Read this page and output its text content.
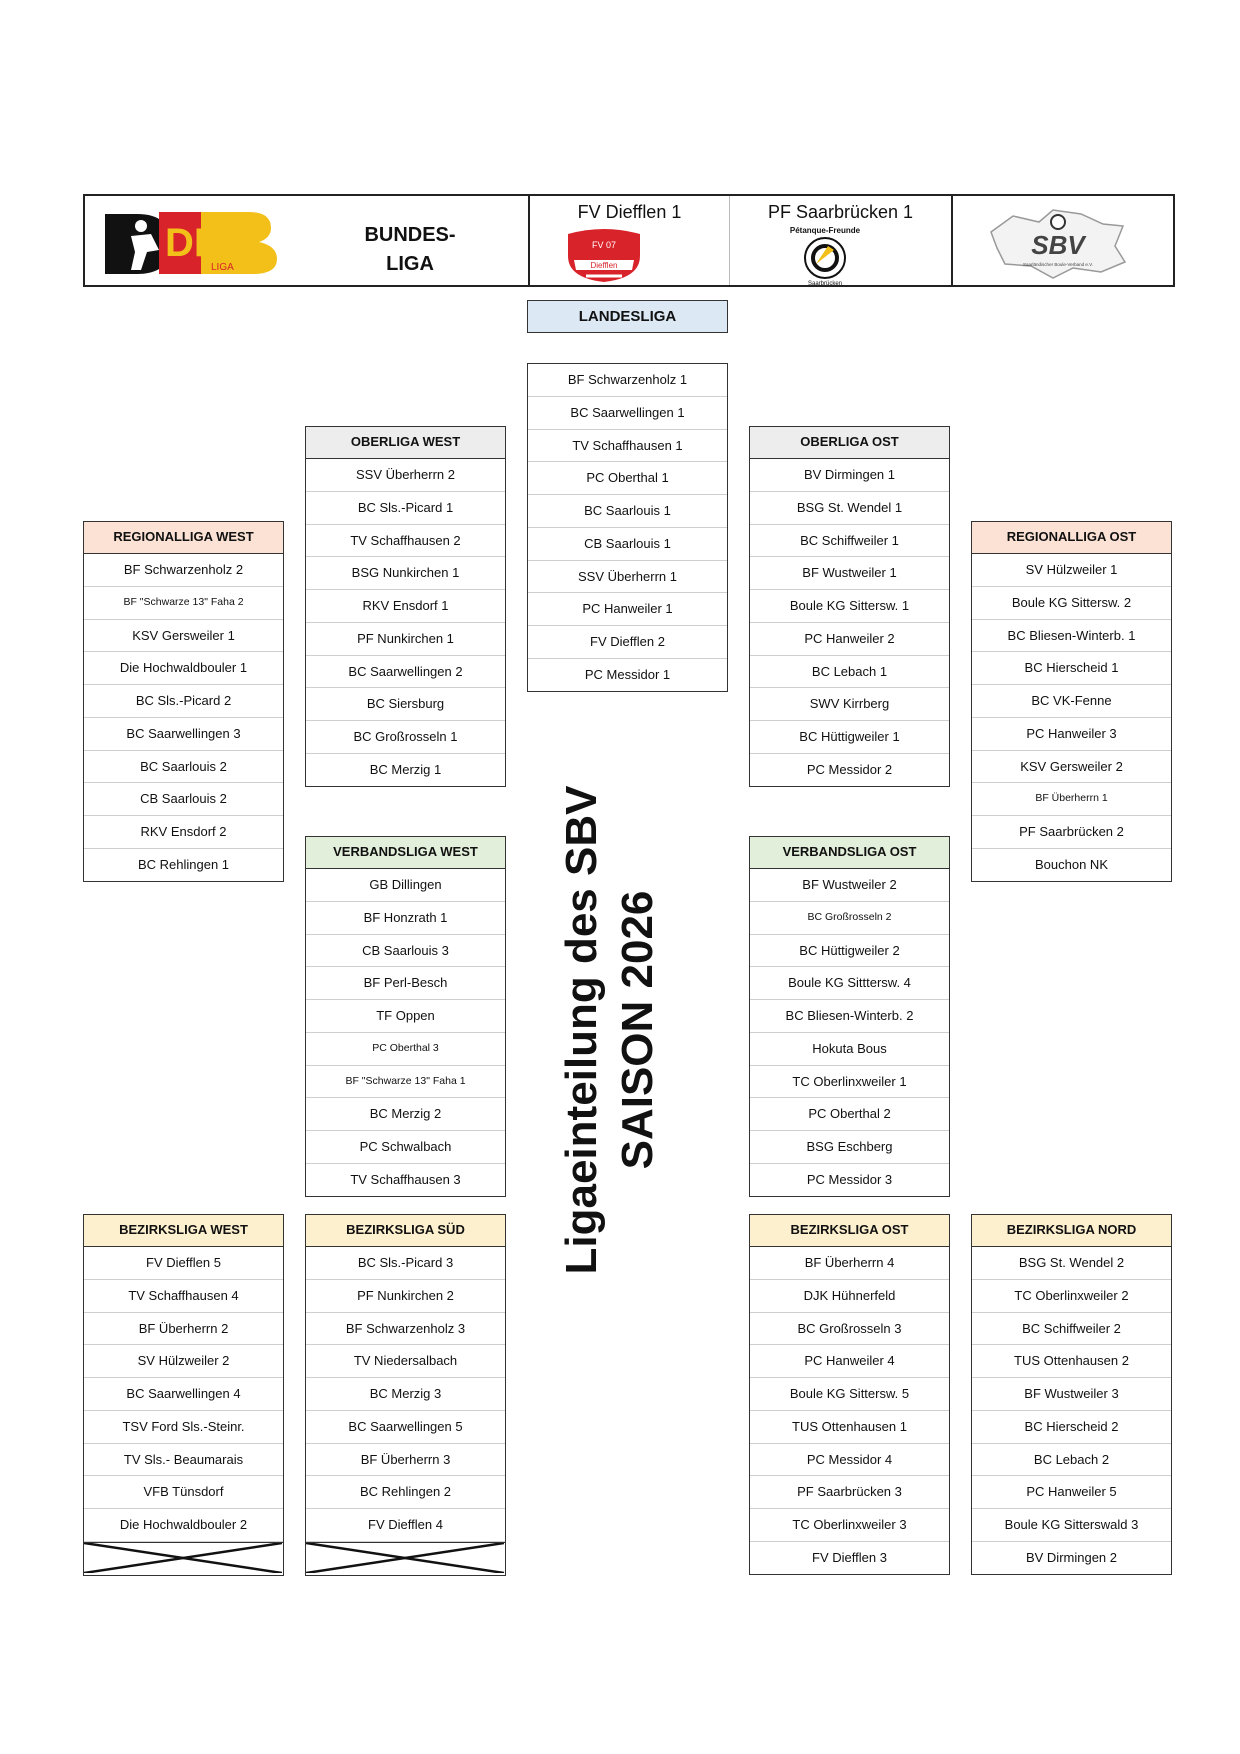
DPB
LIGA
BUNDES-
LIGA
FV Diefflen 1
FV 07
Diefflen
PF Saarbrücken 1
Pétanque-Freunde
Saarbrücken
SBV
Saarländischer Boule-Verband e.V.
LANDESLIGA
BF Schwarzenholz 1
BC Saarwellingen 1
TV Schaffhausen 1
PC Oberthal 1
BC Saarlouis 1
CB Saarlouis 1
SSV Überherrn 1
PC Hanweiler 1
FV Diefflen 2
PC Messidor 1
OBERLIGA WEST
SSV Überherrn 2
BC Sls.-Picard 1
TV Schaffhausen 2
BSG Nunkirchen 1
RKV Ensdorf 1
PF Nunkirchen 1
BC Saarwellingen 2
BC Siersburg
BC Großrosseln 1
BC Merzig 1
OBERLIGA OST
BV Dirmingen 1
BSG St. Wendel 1
BC Schiffweiler 1
BF Wustweiler 1
Boule KG Sittersw. 1
PC Hanweiler 2
BC Lebach 1
SWV Kirrberg
BC Hüttigweiler 1
PC Messidor 2
REGIONALLIGA WEST
BF Schwarzenholz 2
BF "Schwarze 13" Faha 2
KSV Gersweiler 1
Die Hochwaldbouler 1
BC Sls.-Picard 2
BC Saarwellingen 3
BC Saarlouis 2
CB Saarlouis 2
RKV Ensdorf 2
BC Rehlingen 1
REGIONALLIGA OST
SV Hülzweiler 1
Boule KG Sittersw. 2
BC Bliesen-Winterb. 1
BC Hierscheid 1
BC VK-Fenne
PC Hanweiler 3
KSV Gersweiler 2
BF Überherrn 1
PF Saarbrücken 2
Bouchon NK
VERBANDSLIGA WEST
GB Dillingen
BF Honzrath 1
CB Saarlouis 3
BF Perl-Besch
TF Oppen
PC Oberthal 3
BF "Schwarze 13" Faha 1
BC Merzig 2
PC Schwalbach
TV Schaffhausen 3
VERBANDSLIGA OST
BF Wustweiler 2
BC Großrosseln 2
BC Hüttigweiler 2
Boule KG Sitttersw. 4
BC Bliesen-Winterb. 2
Hokuta Bous
TC Oberlinxweiler 1
PC Oberthal 2
BSG Eschberg
PC Messidor 3
BEZIRKSLIGA WEST
FV Diefflen 5
TV Schaffhausen 4
BF Überherrn 2
SV Hülzweiler 2
BC Saarwellingen 4
TSV Ford Sls.-Steinr.
TV Sls.- Beaumarais
VFB Tünsdorf
Die Hochwaldbouler 2
BEZIRKSLIGA SÜD
BC Sls.-Picard 3
PF Nunkirchen 2
BF Schwarzenholz 3
TV Niedersalbach
BC Merzig 3
BC Saarwellingen 5
BF Überherrn 3
BC Rehlingen 2
FV Diefflen 4
BEZIRKSLIGA OST
BF Überherrn 4
DJK Hühnerfeld
BC Großrosseln 3
PC Hanweiler 4
Boule KG Sittersw. 5
TUS Ottenhausen 1
PC Messidor 4
PF Saarbrücken 3
TC Oberlinxweiler 3
FV Diefflen 3
BEZIRKSLIGA NORD
BSG St. Wendel 2
TC Oberlinxweiler 2
BC Schiffweiler 2
TUS Ottenhausen 2
BF Wustweiler 3
BC Hierscheid 2
BC Lebach 2
PC Hanweiler 5
Boule KG Sitterswald 3
BV Dirmingen 2
Ligaeinteilung des SBV SAISON 2026
